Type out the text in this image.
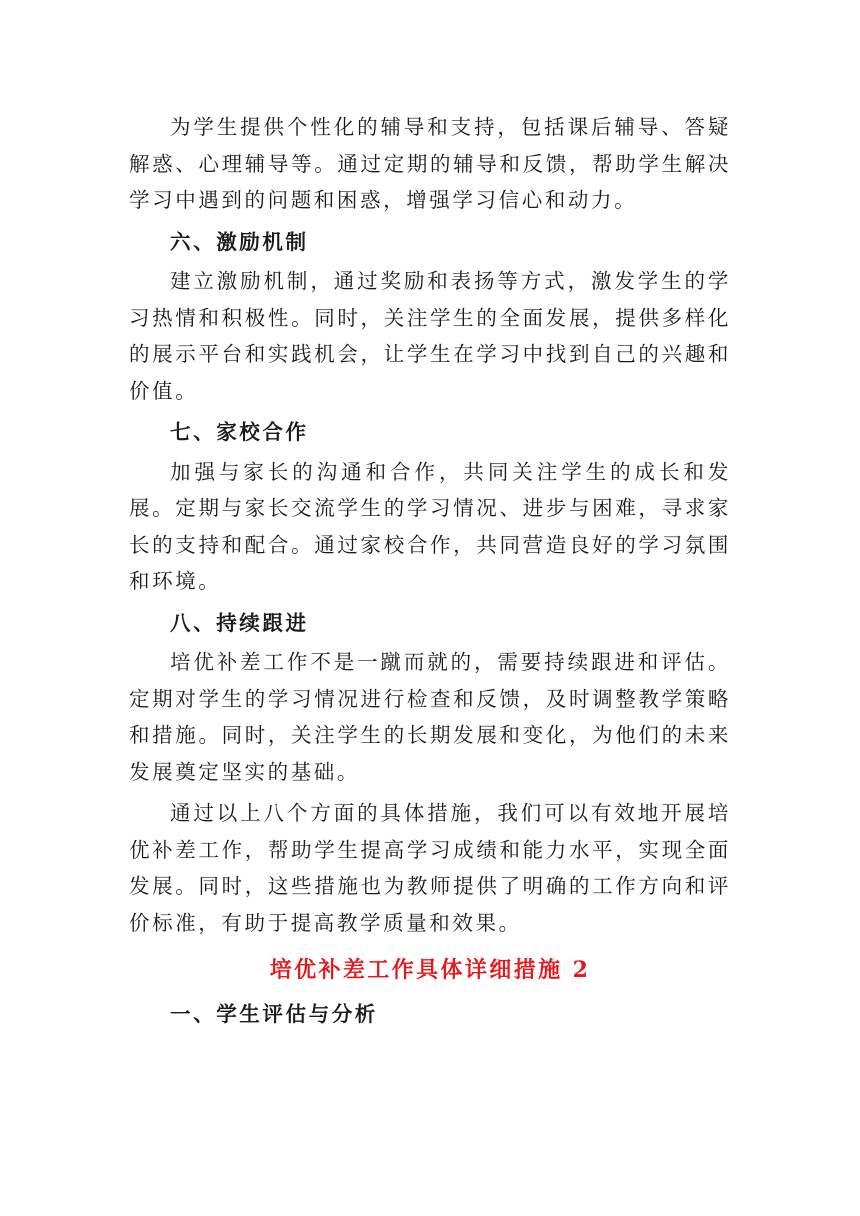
为学生提供个性化的辅导和支持，包括课后辅导、答疑解惑、心理辅导等。通过定期的辅导和反馈，帮助学生解决学习中遇到的问题和困惑，增强学习信心和动力。

六、激励机制

建立激励机制，通过奖励和表扬等方式，激发学生的学习热情和积极性。同时，关注学生的全面发展，提供多样化的展示平台和实践机会，让学生在学习中找到自己的兴趣和价值。

七、家校合作

加强与家长的沟通和合作，共同关注学生的成长和发展。定期与家长交流学生的学习情况、进步与困难，寻求家长的支持和配合。通过家校合作，共同营造良好的学习氛围和环境。

八、持续跟进

培优补差工作不是一蹴而就的，需要持续跟进和评估。定期对学生的学习情况进行检查和反馈，及时调整教学策略和措施。同时，关注学生的长期发展和变化，为他们的未来发展奠定坚实的基础。

通过以上八个方面的具体措施，我们可以有效地开展培优补差工作，帮助学生提高学习成绩和能力水平，实现全面发展。同时，这些措施也为教师提供了明确的工作方向和评价标准，有助于提高教学质量和效果。

培优补差工作具体详细措施 2

一、学生评估与分析
